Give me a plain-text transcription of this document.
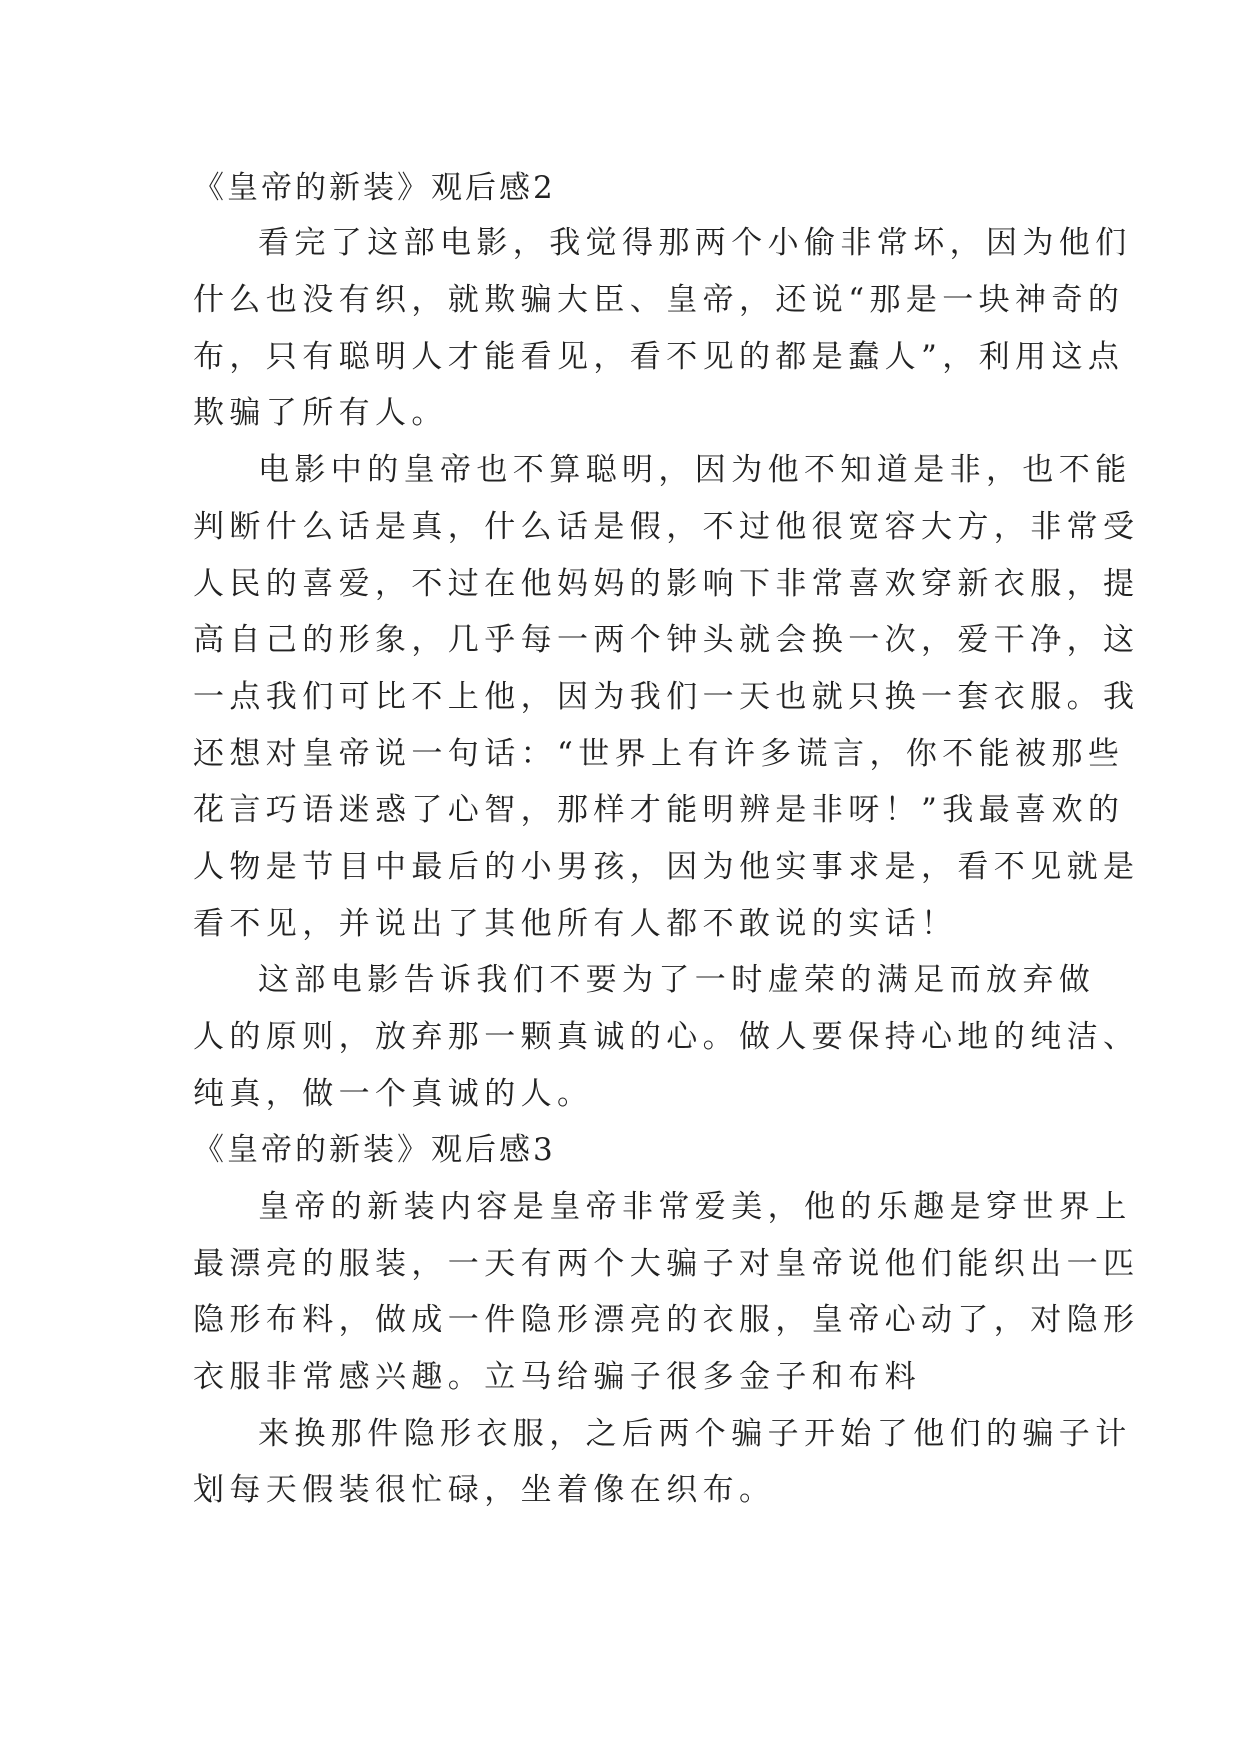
《皇帝的新装》观后感2
看完了这部电影，我觉得那两个小偷非常坏，因为他们
什么也没有织，就欺骗大臣、皇帝，还说“那是一块神奇的
布，只有聪明人才能看见，看不见的都是蠢人”，利用这点
欺骗了所有人。
电影中的皇帝也不算聪明，因为他不知道是非，也不能
判断什么话是真，什么话是假，不过他很宽容大方，非常受
人民的喜爱，不过在他妈妈的影响下非常喜欢穿新衣服，提
高自己的形象，几乎每一两个钟头就会换一次，爱干净，这
一点我们可比不上他，因为我们一天也就只换一套衣服。我
还想对皇帝说一句话：“世界上有许多谎言，你不能被那些
花言巧语迷惑了心智，那样才能明辨是非呀！”我最喜欢的
人物是节目中最后的小男孩，因为他实事求是，看不见就是
看不见，并说出了其他所有人都不敢说的实话！
这部电影告诉我们不要为了一时虚荣的满足而放弃做
人的原则，放弃那一颗真诚的心。做人要保持心地的纯洁、
纯真，做一个真诚的人。
《皇帝的新装》观后感3
皇帝的新装内容是皇帝非常爱美，他的乐趣是穿世界上
最漂亮的服装，一天有两个大骗子对皇帝说他们能织出一匹
隐形布料，做成一件隐形漂亮的衣服，皇帝心动了，对隐形
衣服非常感兴趣。立马给骗子很多金子和布料
来换那件隐形衣服，之后两个骗子开始了他们的骗子计
划每天假装很忙碌，坐着像在织布。
